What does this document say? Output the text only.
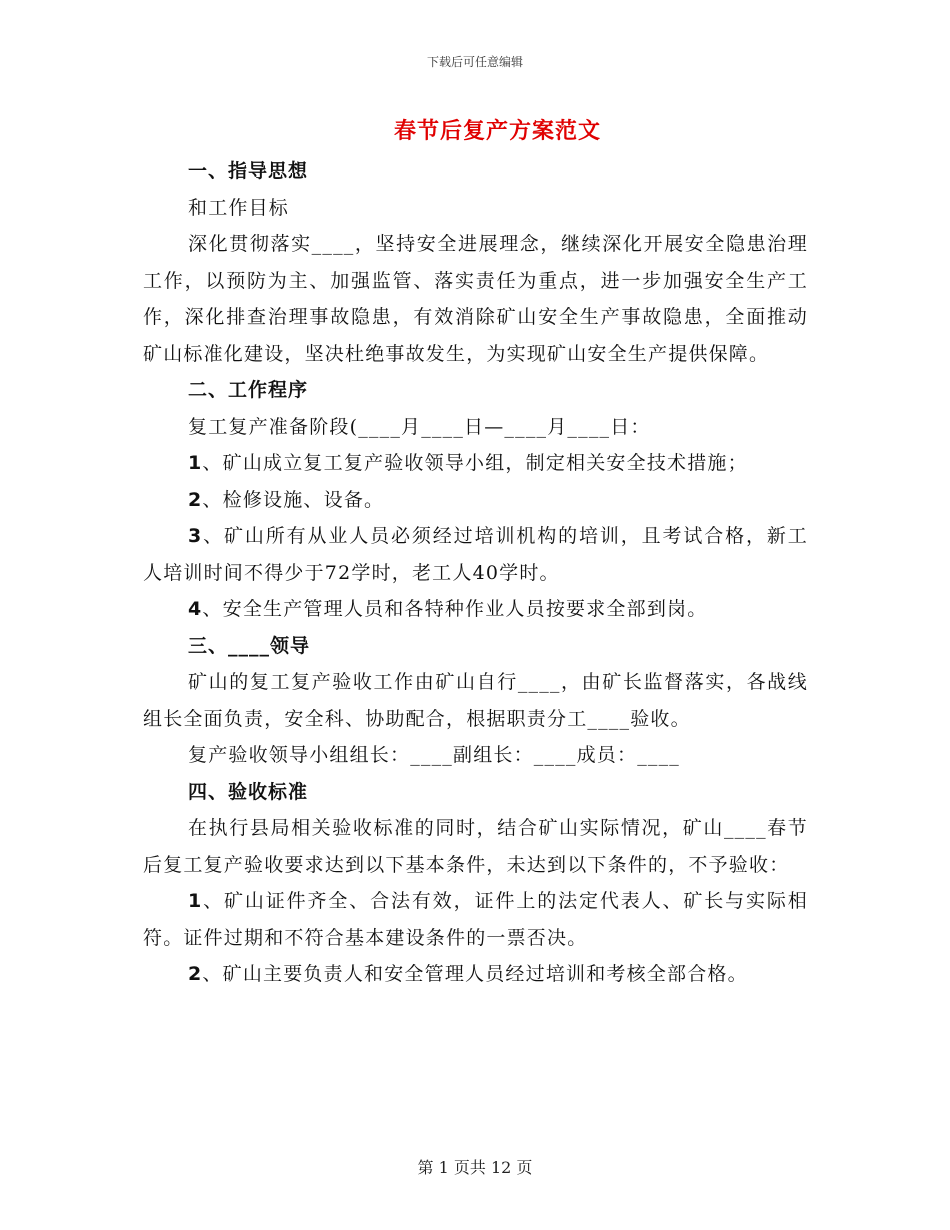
下载后可任意编辑
春节后复产方案范文

一、指导思想

和工作目标

深化贯彻落实____，坚持安全进展理念，继续深化开展安全隐患治理工作，以预防为主、加强监管、落实责任为重点，进一步加强安全生产工作，深化排查治理事故隐患，有效消除矿山安全生产事故隐患，全面推动矿山标准化建设，坚决杜绝事故发生，为实现矿山安全生产提供保障。

二、工作程序

复工复产准备阶段(____月____日—____月____日：

1、矿山成立复工复产验收领导小组，制定相关安全技术措施；

2、检修设施、设备。

3、矿山所有从业人员必须经过培训机构的培训，且考试合格，新工人培训时间不得少于72学时，老工人40学时。

4、安全生产管理人员和各特种作业人员按要求全部到岗。

三、____领导

矿山的复工复产验收工作由矿山自行____，由矿长监督落实，各战线组长全面负责，安全科、协助配合，根据职责分工____验收。

复产验收领导小组组长：____副组长：____成员：____

四、验收标准

在执行县局相关验收标准的同时，结合矿山实际情况，矿山____春节后复工复产验收要求达到以下基本条件，未达到以下条件的，不予验收：

1、矿山证件齐全、合法有效，证件上的法定代表人、矿长与实际相符。证件过期和不符合基本建设条件的一票否决。

2、矿山主要负责人和安全管理人员经过培训和考核全部合格。

第 1 页共 12 页
